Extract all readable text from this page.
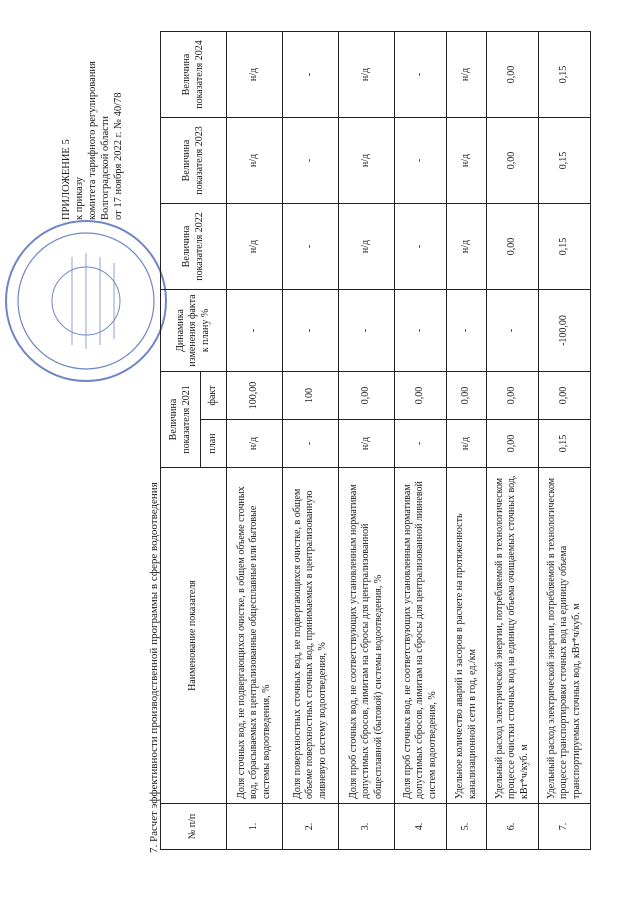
ПРИЛОЖЕНИЕ 5 к приказу комитета тарифного регулирования Волгоградской области от 17 ноября 2022 г. № 40/78
7. Расчет эффективности производственной программы в сфере водоотведения	№ п/п	Наименование показателя	Величина показателя 2021		Динамика изменения факта к плану %	Величина показателя 2022	Величина показателя 2023	Величина показателя 2024
		план	факт				
1.	Доля сточных вод, не подвергающихся очистке, в общем объеме сточных вод, сбрасываемых в централизованные общесплавные или бытовые системы водоотведения, %	н/д	100,00	-	н/д	н/д	н/д
2.	Доля поверхностных сточных вод, не подвергающихся очистке, в общем объеме поверхностных сточных вод, принимаемых в централизованную ливневую систему водоотведения, %	-	100	-	-	-	-
3.	Доля проб сточных вод, не соответствующих установленным нормативам допустимых сбросов, лимитам на сбросы для централизованной общесплавной (бытовой) системы водоотведения, %	н/д	0,00	-	н/д	н/д	н/д
4.	Доля проб сточных вод, не соответствующих установленным нормативам допустимых сбросов, лимитам на сбросы для централизованной ливневой систем водоотведения, %	-	0,00	-	-	-	-
5.	Удельное количество аварий и засоров в расчете на протяженность канализационной сети в год, ед./км	н/д	0,00	-	н/д	н/д	н/д
6.	Удельный расход электрической энергии, потребляемой в технологическом процессе очистки сточных вод на единицу объема очищаемых сточных вод, кВт*ч/куб. м	0,00	0,00	-	0,00	0,00	0,00
7.	Удельный расход электрической энергии, потребляемой в технологическом процессе транспортировки сточных вод на единицу объема транспортируемых сточных вод, кВт*ч/куб. м	0,15	0,00	-100,00	0,15	0,15	0,15
